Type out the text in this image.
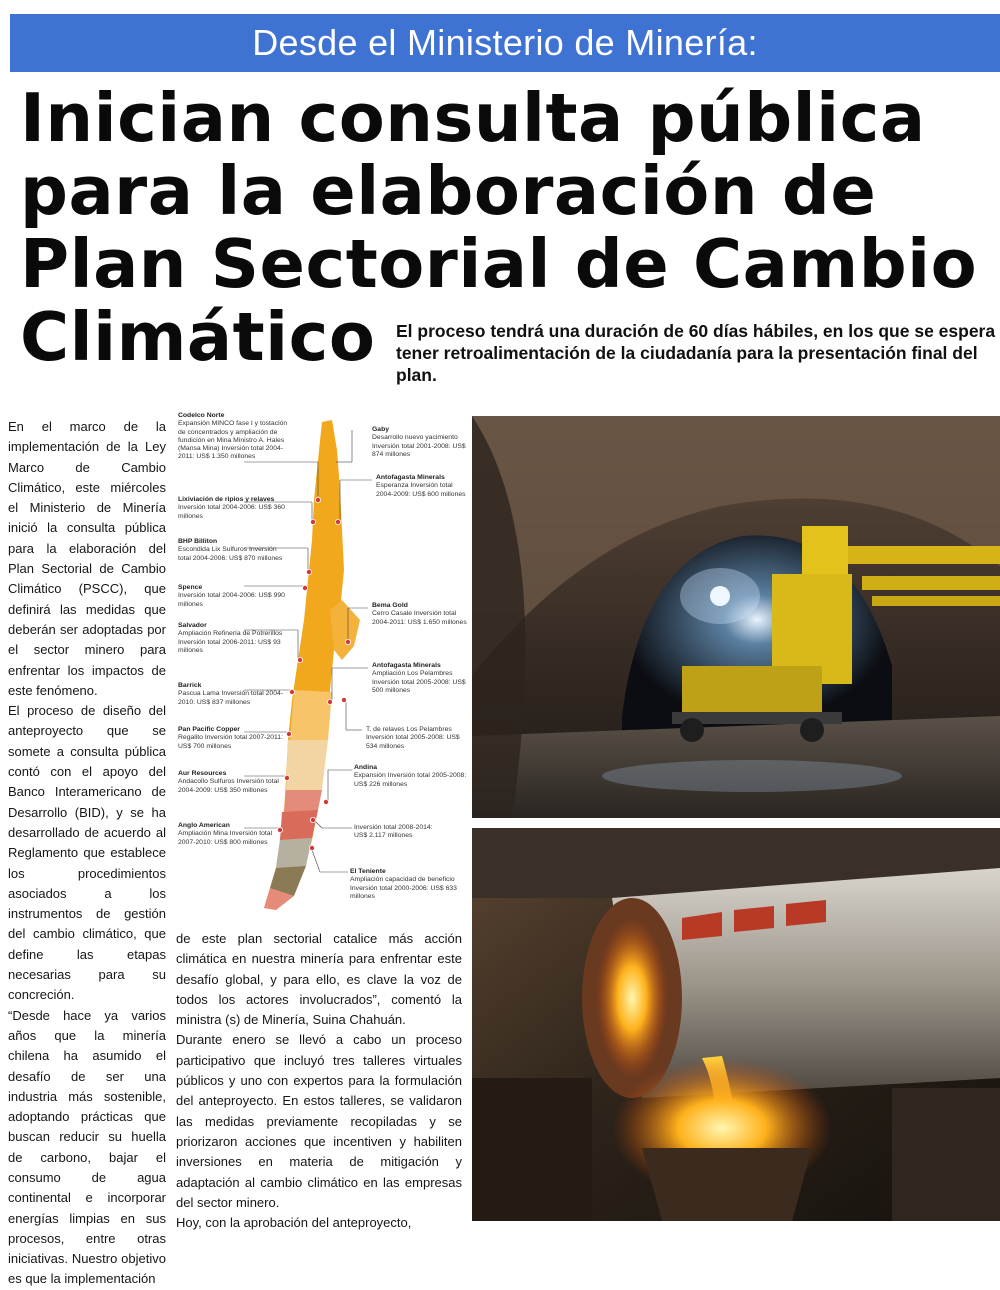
Desde el Ministerio de Minería:
Inician consulta pública
para la elaboración de
Plan Sectorial de Cambio
Climático	El proceso tendrá una duración de 60 días hábiles, en los que se espera tener retroalimentación de la ciudadanía para la presentación final del plan.

En el marco de la implementación de la Ley Marco de Cambio Climático, este miércoles el Ministerio de Minería inició la consulta pública para la elaboración del Plan Sectorial de Cambio Climático (PSCC), que definirá las medidas que deberán ser adoptadas por el sector minero para enfrentar los impactos de este fenómeno.

El proceso de diseño del anteproyecto que se somete a consulta pública contó con el apoyo del Banco Interamericano de Desarrollo (BID), y se ha desarrollado de acuerdo al Reglamento que establece los procedimientos asociados a los instrumentos de gestión del cambio climático, que define las etapas necesarias para su concreción.

“Desde hace ya varios años que la minería chilena ha asumido el desafío de ser una industria más sostenible, adoptando prácticas que buscan reducir su huella de carbono, bajar el consumo de agua continental e incorporar energías limpias en sus procesos, entre otras iniciativas. Nuestro objetivo es que la implementación

Codelco Norte
Expansión MINCO fase I y tostación de concentrados y ampliación de fundición en Mina Ministro A. Hales (Mansa Mina) Inversión total 2004-2011: US$ 1.350 millones
Lixiviación de ripios y relaves
Inversión total 2004-2006: US$ 360 millones
BHP Billiton
Escondida Lix Sulfuros Inversión total 2004-2006: US$ 870 millones
Spence
Inversión total 2004-2006: US$ 990 millones
Salvador
Ampliación Refinería de Potrerillos Inversión total 2006-2011: US$ 93 millones
Barrick
Pascua Lama Inversión total 2004-2010: US$ 837 millones
Pan Pacific Copper
Regalito Inversión total 2007-2011: US$ 700 millones
Aur Resources
Andacollo Sulfuros Inversión total 2004-2009: US$ 350 millones
Anglo American
Ampliación Mina Inversión total 2007-2010: US$ 800 millones
Gaby
Desarrollo nuevo yacimiento Inversión total 2001-2008: US$ 874 millones
Antofagasta Minerals
Esperanza Inversión total 2004-2009: US$ 600 millones
Bema Gold
Cerro Casale Inversión total 2004-2011: US$ 1.650 millones
Antofagasta Minerals
Ampliación Los Pelambres Inversión total 2005-2008: US$ 500 millones
T. de relaves Los Pelambres Inversión total 2005-2008: US$ 534 millones
Andina
Expansión Inversión total 2005-2008: US$ 226 millones
Inversión total 2008-2014: US$ 2.117 millones
El Teniente
Ampliación capacidad de beneficio Inversión total 2000-2006: US$ 633 millones

de este plan sectorial catalice más acción climática en nuestra minería para enfrentar este desafío global, y para ello, es clave la voz de todos los actores involucrados”, comentó la ministra (s) de Minería, Suina Chahuán.

Durante enero se llevó a cabo un proceso participativo que incluyó tres talleres virtuales públicos y uno con expertos para la formulación del anteproyecto. En estos talleres, se validaron las medidas previamente recopiladas y se priorizaron acciones que incentiven y habiliten inversiones en materia de mitigación y adaptación al cambio climático en las empresas del sector minero.

Hoy, con la aprobación del anteproyecto,
